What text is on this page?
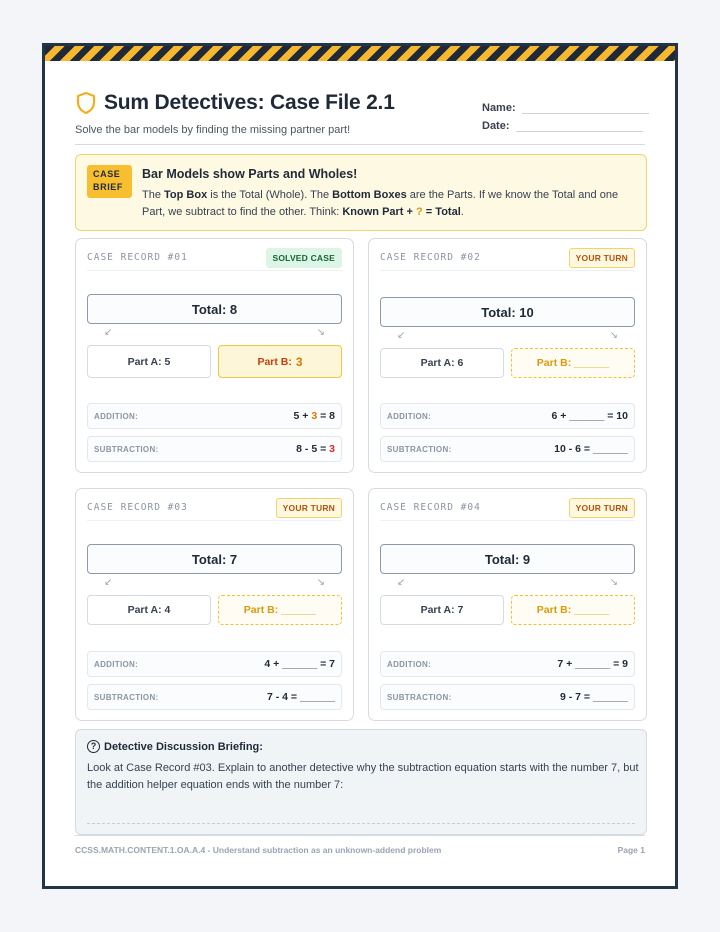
Sum Detectives: Case File 2.1
Solve the bar models by finding the missing partner part!
Name:
Date:
CASE
BRIEF
Bar Models show Parts and Wholes!
The Top Box is the Total (Whole). The Bottom Boxes are the Parts. If we know the Total and one Part, we subtract to find the other. Think: Known Part + ? = Total.
CASE RECORD #01	SOLVED CASE
Total: 8
↙	↘
Part A: 5	Part B: 3
ADDITION:	5 + 3 = 8
SUBTRACTION:	8 - 5 = 3
CASE RECORD #02	YOUR TURN
Total: 10
↙	↘
Part A: 6	Part B: ______
ADDITION:	6 + ______ = 10
SUBTRACTION:	10 - 6 = ______
CASE RECORD #03	YOUR TURN
Total: 7
↙	↘
Part A: 4	Part B: ______
ADDITION:	4 + ______ = 7
SUBTRACTION:	7 - 4 = ______
CASE RECORD #04	YOUR TURN
Total: 9
↙	↘
Part A: 7	Part B: ______
ADDITION:	7 + ______ = 9
SUBTRACTION:	9 - 7 = ______
? Detective Discussion Briefing:
Look at Case Record #03. Explain to another detective why the subtraction equation starts with the number 7, but the addition helper equation ends with the number 7:
CCSS.MATH.CONTENT.1.OA.A.4 - Understand subtraction as an unknown-addend problem	Page 1
